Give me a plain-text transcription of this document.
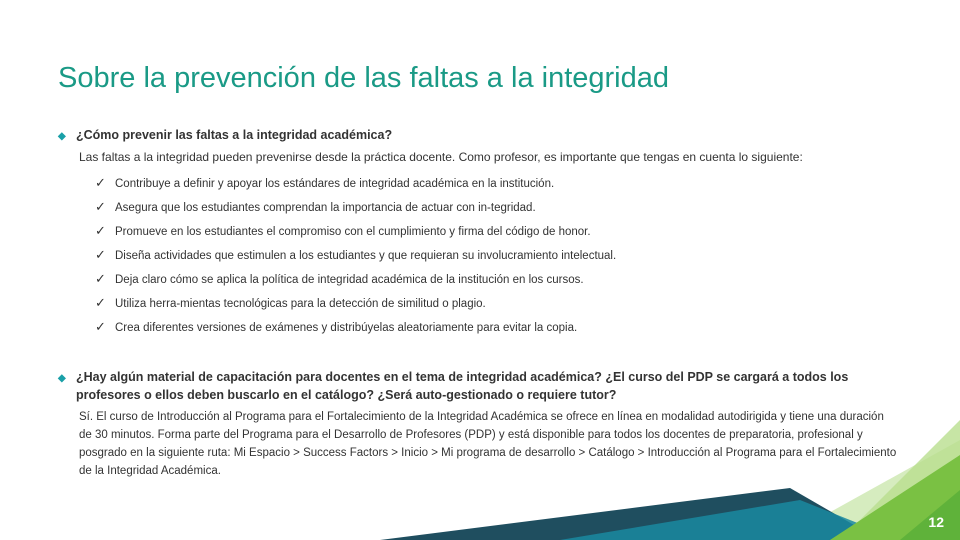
Sobre la prevención de las faltas a la integridad
◆ ¿Cómo prevenir las faltas a la integridad académica?
Las faltas a la integridad pueden prevenirse desde la práctica docente. Como profesor, es importante que tengas en cuenta lo siguiente:
✓ Contribuye a definir y apoyar los estándares de integridad académica en la institución.
✓ Asegura que los estudiantes comprendan la importancia de actuar con in-tegridad.
✓ Promueve en los estudiantes el compromiso con el cumplimiento y firma del código de honor.
✓ Diseña actividades que estimulen a los estudiantes y que requieran su involucramiento intelectual.
✓ Deja claro cómo se aplica la política de integridad académica de la institución en los cursos.
✓ Utiliza herra-mientas tecnológicas para la detección de similitud o plagio.
✓ Crea diferentes versiones de exámenes y distribúyelas aleatoriamente para evitar la copia.
◆ ¿Hay algún material de capacitación para docentes en el tema de integridad académica? ¿El curso del PDP se cargará a todos los profesores o ellos deben buscarlo en el catálogo? ¿Será auto-gestionado o requiere tutor?
Sí. El curso de Introducción al Programa para el Fortalecimiento de la Integridad Académica se ofrece en línea en modalidad autodirigida y tiene una duración de 30 minutos. Forma parte del Programa para el Desarrollo de Profesores (PDP) y está disponible para todos los docentes de preparatoria, profesional y posgrado en la siguiente ruta: Mi Espacio > Success Factors > Inicio > Mi programa de desarrollo > Catálogo > Introducción al Programa para el Fortalecimiento de la Integridad Académica.
12
